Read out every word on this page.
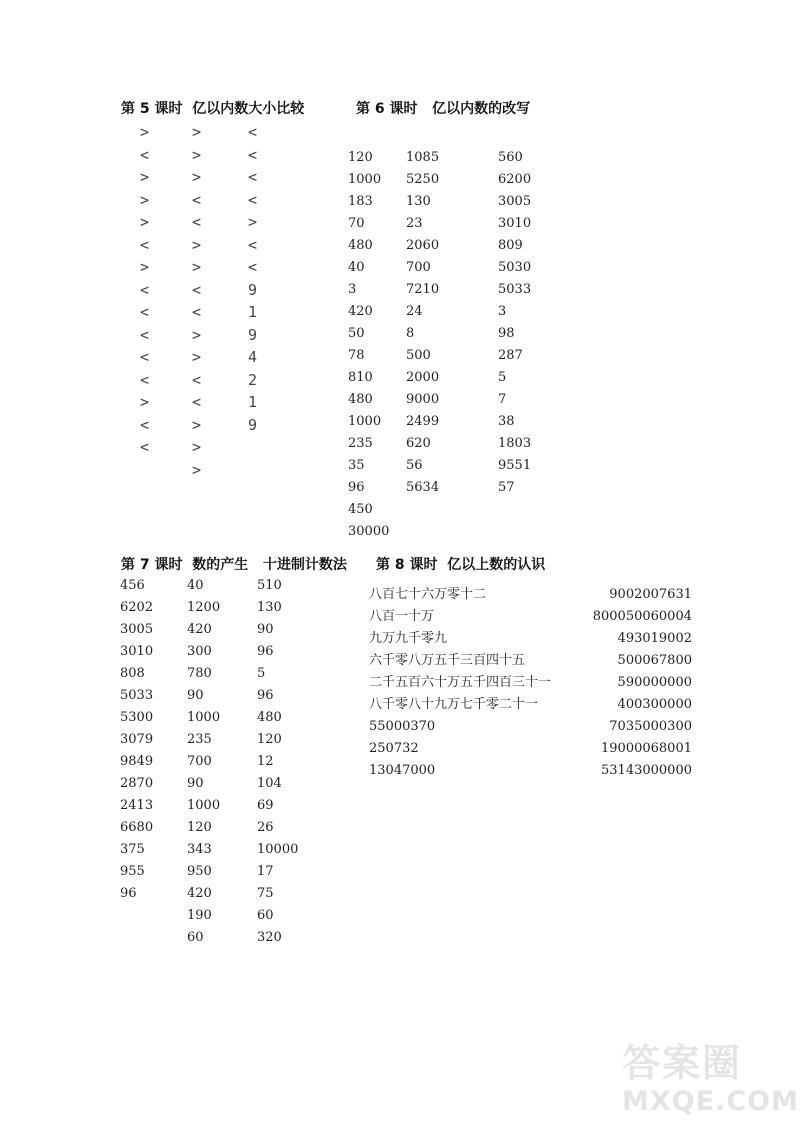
第 5 课时  亿以内数大小比较
>
<
>
>
>
<
>
<
<
<
<
<
>
<
<
>
>
>
<
<
>
>
<
<
>
>
<
<
>
>
>
<
<
<
<
>
<
<
9
1
9
4
2
1
9
第 6 课时   亿以内数的改写
120
1000
183
70
480
40
3
420
50
78
810
480
1000
235
35
96
450
30000
1085
5250
130
23
2060
700
7210
24
8
500
2000
9000
2499
620
56
5634
560
6200
3005
3010
809
5030
5033
3
98
287
5
7
38
1803
9551
57
第 7 课时  数的产生   十进制计数法
456
6202
3005
3010
808
5033
5300
3079
9849
2870
2413
6680
375
955
96
40
1200
420
300
780
90
1000
235
700
90
1000
120
343
950
420
190
60
510
130
90
96
5
96
480
120
12
104
69
26
10000
17
75
60
320
第 8 课时  亿以上数的认识
八百七十六万零十二
八百一十万
九万九千零九
六千零八万五千三百四十五
二千五百六十万五千四百三十一
八千零八十九万七千零二十一
55000370
250732
13047000
9002007631
800050060004
493019002
500067800
590000000
400300000
7035000300
19000068001
53143000000
答案圈
MXQE.COM
